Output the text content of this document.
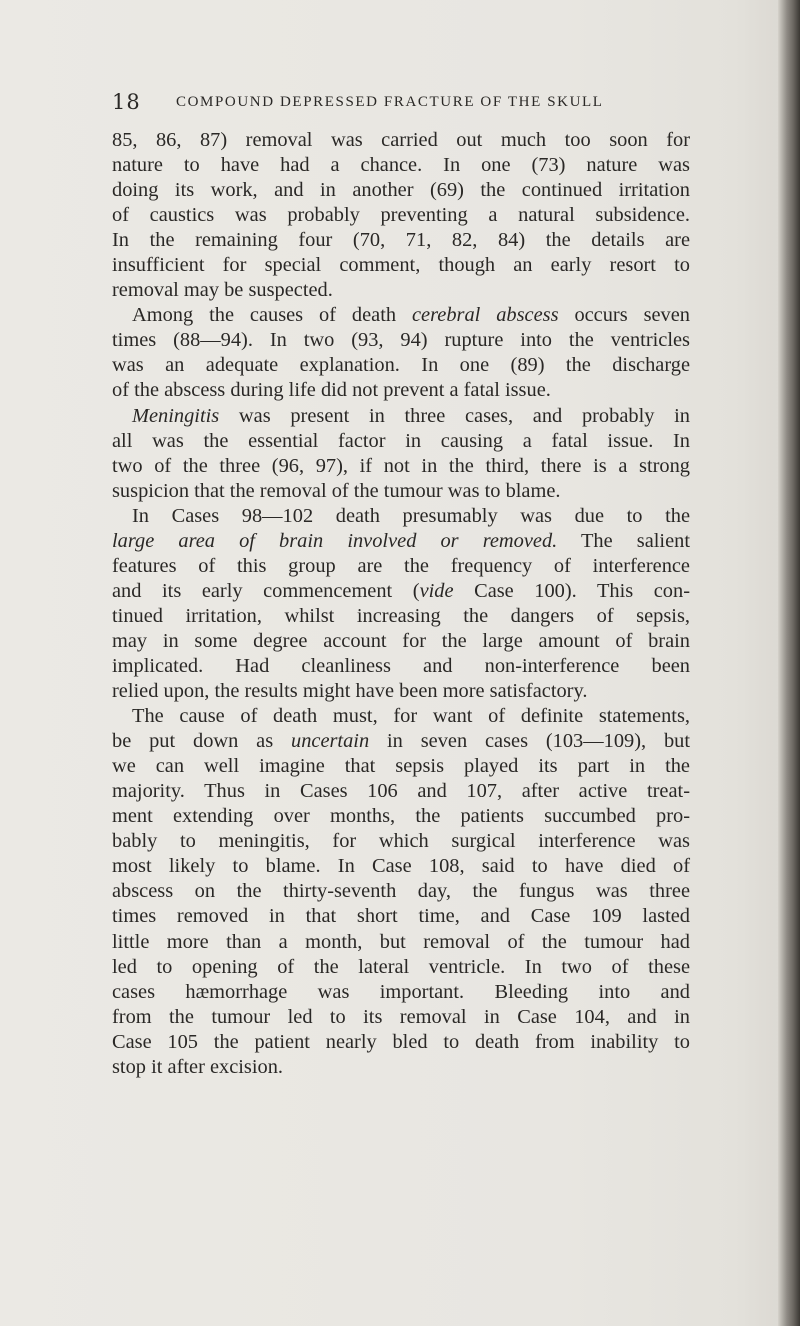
18 COMPOUND DEPRESSED FRACTURE OF THE SKULL

85, 86, 87) removal was carried out much too soon for
nature to have had a chance. In one (73) nature was
doing its work, and in another (69) the continued irritation
of caustics was probably preventing a natural subsidence.
In the remaining four (70, 71, 82, 84) the details are
insufficient for special comment, though an early resort to
removal may be suspected.

Among the causes of death cerebral abscess occurs seven
times (88—94). In two (93, 94) rupture into the ventricles
was an adequate explanation. In one (89) the discharge
of the abscess during life did not prevent a fatal issue.

Meningitis was present in three cases, and probably in
all was the essential factor in causing a fatal issue. In
two of the three (96, 97), if not in the third, there is a strong
suspicion that the removal of the tumour was to blame.

In Cases 98—102 death presumably was due to the
large area of brain involved or removed. The salient
features of this group are the frequency of interference
and its early commencement (vide Case 100). This con-
tinued irritation, whilst increasing the dangers of sepsis,
may in some degree account for the large amount of brain
implicated. Had cleanliness and non-interference been
relied upon, the results might have been more satisfactory.

The cause of death must, for want of definite statements,
be put down as uncertain in seven cases (103—109), but
we can well imagine that sepsis played its part in the
majority. Thus in Cases 106 and 107, after active treat-
ment extending over months, the patients succumbed pro-
bably to meningitis, for which surgical interference was
most likely to blame. In Case 108, said to have died of
abscess on the thirty-seventh day, the fungus was three
times removed in that short time, and Case 109 lasted
little more than a month, but removal of the tumour had
led to opening of the lateral ventricle. In two of these
cases hæmorrhage was important. Bleeding into and
from the tumour led to its removal in Case 104, and in
Case 105 the patient nearly bled to death from inability to
stop it after excision.
